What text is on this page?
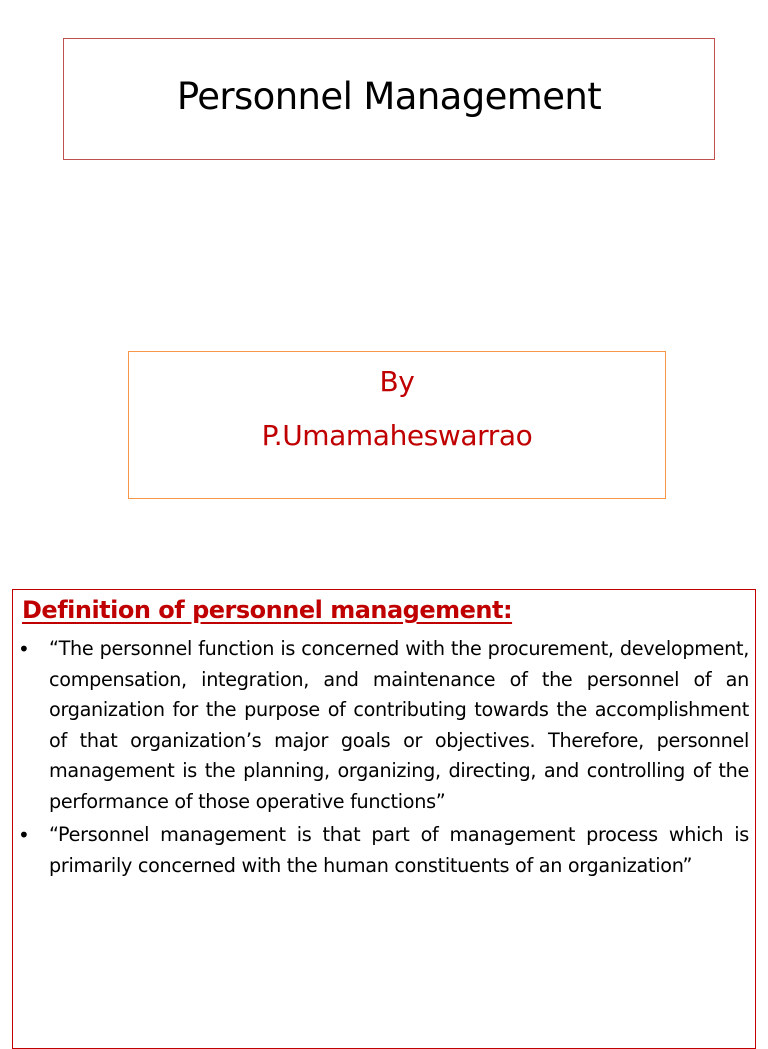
Personnel Management
By
P.Umamaheswarrao
Definition of personnel management:
• “The personnel function is concerned with the procurement, development, compensation, integration, and maintenance of the personnel of an organization for the purpose of contributing towards the accomplishment of that organization’s major goals or objectives. Therefore, personnel management is the planning, organizing, directing, and controlling of the performance of those operative functions”
• “Personnel management is that part of management process which is primarily concerned with the human constituents of an organization”
